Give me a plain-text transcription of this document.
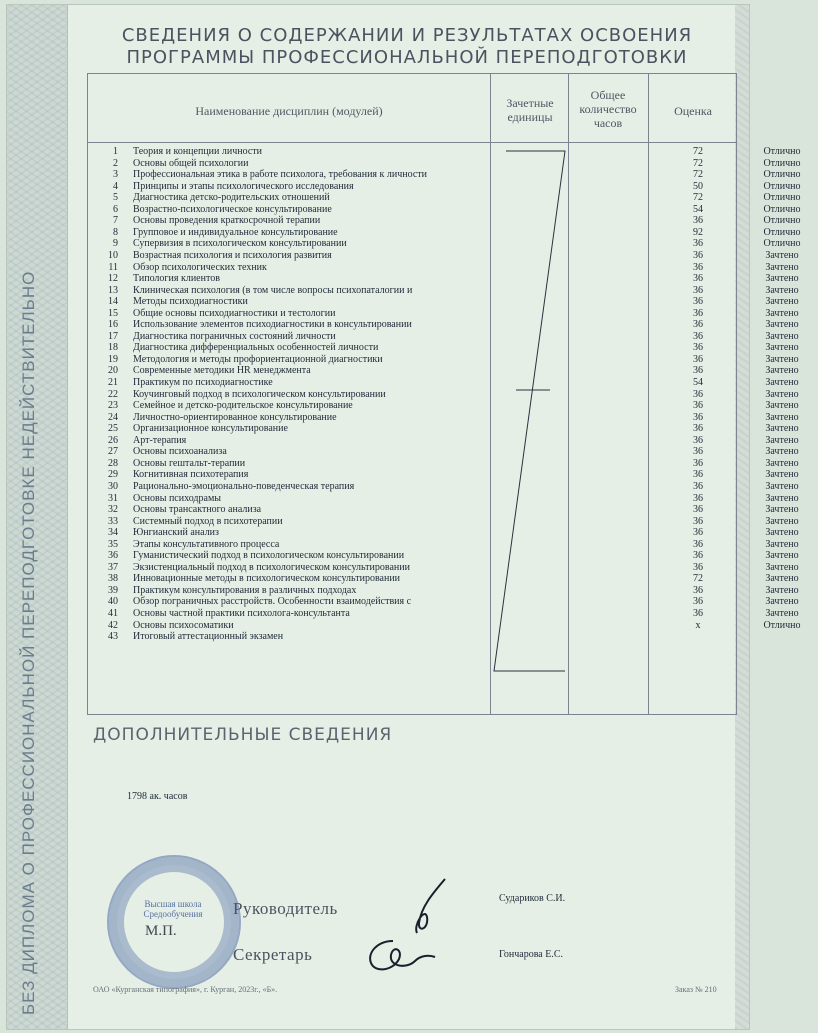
БЕЗ ДИПЛОМА О ПРОФЕССИОНАЛЬНОЙ ПЕРЕПОДГОТОВКЕ НЕДЕЙСТВИТЕЛЬНО
СВЕДЕНИЯ О СОДЕРЖАНИИ И РЕЗУЛЬТАТАХ ОСВОЕНИЯ
ПРОГРАММЫ ПРОФЕССИОНАЛЬНОЙ ПЕРЕПОДГОТОВКИ
Наименование дисциплин (модулей)
Зачетные единицы
Общее количество часов
Оценка
1 Теория и концепции личности	72	Отлично
2 Основы общей психологии	72	Отлично
3 Профессиональная этика в работе психолога, требования к личности	72	Отлично
4 Принципы и этапы психологического исследования	50	Отлично
5 Диагностика детско-родительских отношений	72	Отлично
6 Возрастно-психологическое консультирование	54	Отлично
7 Основы проведения краткосрочной терапии	36	Отлично
8 Групповое и индивидуальное консультирование	92	Отлично
9 Супервизия в психологическом консультировании	36	Отлично
10 Возрастная психология и психология развития	36	Зачтено
11 Обзор психологических техник	36	Зачтено
12 Типология клиентов	36	Зачтено
13 Клиническая психология (в том числе вопросы психопаталогии и	36	Зачтено
14 Методы психодиагностики	36	Зачтено
15 Общие основы психодиагностики и тестологии	36	Зачтено
16 Использование элементов психодиагностики в консультировании	36	Зачтено
17 Диагностика пограничных состояний личности	36	Зачтено
18 Диагностика дифференциальных особенностей личности	36	Зачтено
19 Методология и методы профориентационной диагностики	36	Зачтено
20 Современные методики HR менеджмента	36	Зачтено
21 Практикум по психодиагностике	54	Зачтено
22 Коучинговый подход в психологическом консультировании	36	Зачтено
23 Семейное и детско-родительское консультирование	36	Зачтено
24 Личностно-ориентированное консультирование	36	Зачтено
25 Организационное консультирование	36	Зачтено
26 Арт-терапия	36	Зачтено
27 Основы психоанализа	36	Зачтено
28 Основы гештальт-терапии	36	Зачтено
29 Когнитивная психотерапия	36	Зачтено
30 Рационально-эмоционально-поведенческая терапия	36	Зачтено
31 Основы психодрамы	36	Зачтено
32 Основы трансактного анализа	36	Зачтено
33 Системный подход в психотерапии	36	Зачтено
34 Юнгианский анализ	36	Зачтено
35 Этапы консультативного процесса	36	Зачтено
36 Гуманистический подход в психологическом консультировании	36	Зачтено
37 Экзистенциальный подход в психологическом консультировании	36	Зачтено
38 Инновационные методы в психологическом консультировании	72	Зачтено
39 Практикум консультирования в различных подходах	36	Зачтено
40 Обзор пограничных расстройств. Особенности взаимодействия с	36	Зачтено
41 Основы частной практики психолога-консультанта	36	Зачтено
42 Основы психосоматики	x	Отлично
43 Итоговый аттестационный экзамен
ДОПОЛНИТЕЛЬНЫЕ СВЕДЕНИЯ
1798 ак. часов
Высшая школа Средообучения
М.П.
Руководитель
Судариков С.И.
Секретарь	Гончарова Е.С.
ОАО «Курганская типография», г. Курган, 2023г., «Б».	Заказ № 210
